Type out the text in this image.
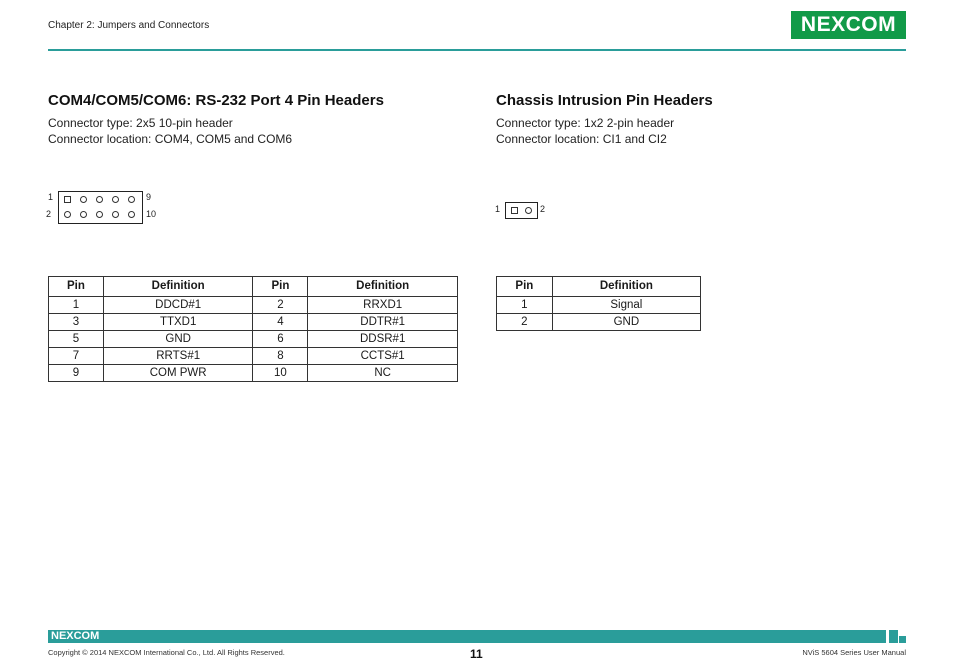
Chapter 2: Jumpers and Connectors	NEXCOM
COM4/COM5/COM6: RS-232 Port 4 Pin Headers
Connector type: 2x5 10-pin header
Connector location: COM4, COM5 and COM6
1
2
9
10
Pin	Definition	Pin	Definition
1	DDCD#1	2	RRXD1
3	TTXD1	4	DDTR#1
5	GND	6	DDSR#1
7	RRTS#1	8	CCTS#1
9	COM PWR	10	NC
Chassis Intrusion Pin Headers
Connector type: 1x2 2-pin header
Connector location: CI1 and CI2
1	2
Pin	Definition
1	Signal
2	GND
NEXCOM
Copyright © 2014 NEXCOM International Co., Ltd. All Rights Reserved.	11	NViS 5604 Series User Manual
